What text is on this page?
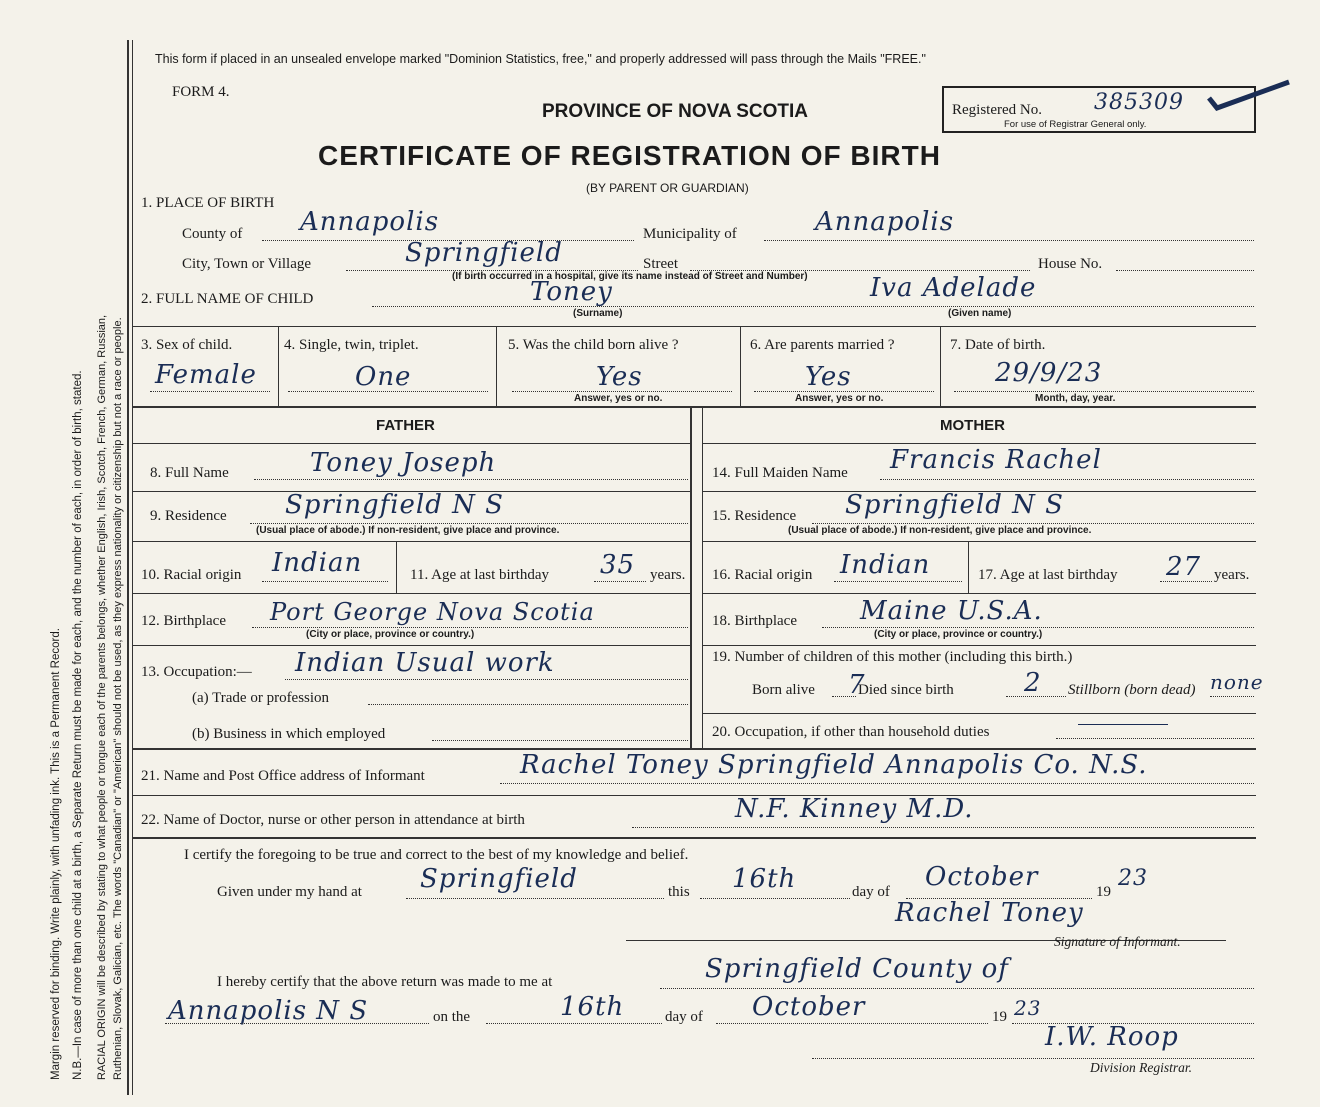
Margin reserved for binding. Write plainly, with unfading ink. This is a Permanent Record. N.B.—In case of more than one child at a birth, a Separate Return must be made for each, and the number of each, in order of birth, stated. RACIAL ORIGIN will be described by stating to what people or tongue each of the parents belongs, whether English, Irish, Scotch, French, German, Russian, Ruthenian, Slovak, Galician, etc. The words "Canadian" or "American" should not be used, as they express nationality or citizenship but not a race or people.
This form if placed in an unsealed envelope marked "Dominion Statistics, free," and properly addressed will pass through the Mails "FREE."
FORM 4.
PROVINCE OF NOVA SCOTIA
CERTIFICATE OF REGISTRATION OF BIRTH
(BY PARENT OR GUARDIAN)
Registered No. 385309
For use of Registrar General only.
1. PLACE OF BIRTH
County of Annapolis	Municipality of	Annapolis
City, Town or Village	Springfield	Street	House No.
(If birth occurred in a hospital, give its name instead of Street and Number)
2. FULL NAME OF CHILD	Toney
(Surname)
Iva Adelade
(Given name)
3. Sex of child.
Female
4. Single, twin, triplet.
One
5. Was the child born alive ?
Yes
Answer, yes or no.
6. Are parents married ?
Yes
Answer, yes or no.
7. Date of birth.
29/9/23
Month, day, year.
FATHER	MOTHER
8. Full Name	Toney Joseph
9. Residence Springfield N S
(Usual place of abode.) If non-resident, give place and province.
10. Racial origin Indian	11. Age at last birthday 35 years.
12. Birthplace Port George Nova Scotia
(City or place, province or country.)
13. Occupation:— Indian Usual work
(a) Trade or profession
(b) Business in which employed
14. Full Maiden Name Francis Rachel
15. Residence Springfield N S
(Usual place of abode.) If non-resident, give place and province.
16. Racial origin Indian	17. Age at last birthday 27 years.
18. Birthplace Maine U.S.A.
(City or place, province or country.)
19. Number of children of this mother (including this birth.)
Born alive 7
Died since birth	2 Stillborn (born dead) none
20. Occupation, if other than household duties
21. Name and Post Office address of Informant	Rachel Toney Springfield Annapolis Co. N.S.
22. Name of Doctor, nurse or other person in attendance at birth	N.F. Kinney M.D.
I certify the foregoing to be true and correct to the best of my knowledge and belief.
Given under my hand at Springfield	this 16th	day of October	19
23
Rachel Toney
Signature of Informant.
I hereby certify that the above return was made to me at	Springfield County of
Annapolis N S	on the	16th	day of October	19 23
I.W. Roop
Division Registrar.
